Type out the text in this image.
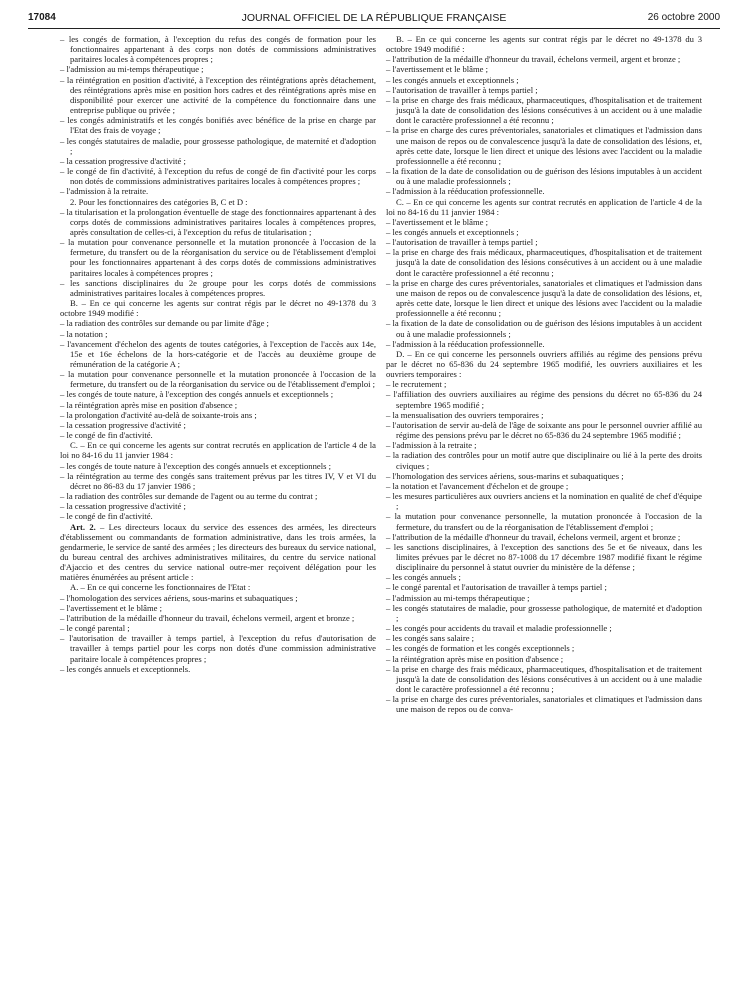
17084	JOURNAL OFFICIEL DE LA RÉPUBLIQUE FRANÇAISE	26 octobre 2000

– les congés de formation, à l'exception du refus des congés de formation pour les fonctionnaires appartenant à des corps non dotés de commissions administratives paritaires locales à compétences propres ;

– l'admission au mi-temps thérapeutique ;

– la réintégration en position d'activité, à l'exception des réintégrations après détachement, des réintégrations après mise en position hors cadres et des réintégrations après mise en disponibilité pour exercer une activité de la compétence du fonctionnaire dans une entreprise publique ou privée ;

– les congés administratifs et les congés bonifiés avec bénéfice de la prise en charge par l'Etat des frais de voyage ;

– les congés statutaires de maladie, pour grossesse pathologique, de maternité et d'adoption ;

– la cessation progressive d'activité ;

– le congé de fin d'activité, à l'exception du refus de congé de fin d'activité pour les corps non dotés de commissions administratives paritaires locales à compétences propres ;

– l'admission à la retraite.

2. Pour les fonctionnaires des catégories B, C et D :

– la titularisation et la prolongation éventuelle de stage des fonctionnaires appartenant à des corps dotés de commissions administratives paritaires locales à compétences propres, après consultation de celles-ci, à l'exception du refus de titularisation ;

– la mutation pour convenance personnelle et la mutation prononcée à l'occasion de la fermeture, du transfert ou de la réorganisation du service ou de l'établissement d'emploi pour les fonctionnaires appartenant à des corps dotés de commissions administratives paritaires locales à compétences propres ;

– les sanctions disciplinaires du 2e groupe pour les corps dotés de commissions administratives paritaires locales à compétences propres.

B. – En ce qui concerne les agents sur contrat régis par le décret no 49-1378 du 3 octobre 1949 modifié :

– la radiation des contrôles sur demande ou par limite d'âge ;

– la notation ;

– l'avancement d'échelon des agents de toutes catégories, à l'exception de l'accès aux 14e, 15e et 16e échelons de la hors-catégorie et de l'accès au deuxième groupe de rémunération de la catégorie A ;

– la mutation pour convenance personnelle et la mutation prononcée à l'occasion de la fermeture, du transfert ou de la réorganisation du service ou de l'établissement d'emploi ;

– les congés de toute nature, à l'exception des congés annuels et exceptionnels ;

– la réintégration après mise en position d'absence ;

– la prolongation d'activité au-delà de soixante-trois ans ;

– la cessation progressive d'activité ;

– le congé de fin d'activité.

C. – En ce qui concerne les agents sur contrat recrutés en application de l'article 4 de la loi no 84-16 du 11 janvier 1984 :

– les congés de toute nature à l'exception des congés annuels et exceptionnels ;

– la réintégration au terme des congés sans traitement prévus par les titres IV, V et VI du décret no 86-83 du 17 janvier 1986 ;

– la radiation des contrôles sur demande de l'agent ou au terme du contrat ;

– la cessation progressive d'activité ;

– le congé de fin d'activité.

Art. 2. – Les directeurs locaux du service des essences des armées, les directeurs d'établissement ou commandants de formation administrative, dans les trois armées, la gendarmerie, le service de santé des armées ; les directeurs des bureaux du service national, du bureau central des archives administratives militaires, du centre du service national d'Ajaccio et des centres du service national outre-mer reçoivent délégation pour les matières énumérées au présent article :

A. – En ce qui concerne les fonctionnaires de l'Etat :

– l'homologation des services aériens, sous-marins et subaquatiques ;

– l'avertissement et le blâme ;

– l'attribution de la médaille d'honneur du travail, échelons vermeil, argent et bronze ;

– le congé parental ;

– l'autorisation de travailler à temps partiel, à l'exception du refus d'autorisation de travailler à temps partiel pour les corps non dotés d'une commission administrative paritaire locale à compétences propres ;

– les congés annuels et exceptionnels.

B. – En ce qui concerne les agents sur contrat régis par le décret no 49-1378 du 3 octobre 1949 modifié :

– l'attribution de la médaille d'honneur du travail, échelons vermeil, argent et bronze ;

– l'avertissement et le blâme ;

– les congés annuels et exceptionnels ;

– l'autorisation de travailler à temps partiel ;

– la prise en charge des frais médicaux, pharmaceutiques, d'hospitalisation et de traitement jusqu'à la date de consolidation des lésions consécutives à un accident ou à une maladie dont le caractère professionnel a été reconnu ;

– la prise en charge des cures préventoriales, sanatoriales et climatiques et l'admission dans une maison de repos ou de convalescence jusqu'à la date de consolidation des lésions, et, après cette date, lorsque le lien direct et unique des lésions avec l'accident ou la maladie professionnelle a été reconnu ;

– la fixation de la date de consolidation ou de guérison des lésions imputables à un accident ou à une maladie professionnels ;

– l'admission à la rééducation professionnelle.

C. – En ce qui concerne les agents sur contrat recrutés en application de l'article 4 de la loi no 84-16 du 11 janvier 1984 :

– l'avertissement et le blâme ;

– les congés annuels et exceptionnels ;

– l'autorisation de travailler à temps partiel ;

– la prise en charge des frais médicaux, pharmaceutiques, d'hospitalisation et de traitement jusqu'à la date de consolidation des lésions consécutives à un accident ou à une maladie dont le caractère professionnel a été reconnu ;

– la prise en charge des cures préventoriales, sanatoriales et climatiques et l'admission dans une maison de repos ou de convalescence jusqu'à la date de consolidation des lésions, et, après cette date, lorsque le lien direct et unique des lésions avec l'accident ou la maladie professionnelle a été reconnu ;

– la fixation de la date de consolidation ou de guérison des lésions imputables à un accident ou à une maladie professionnels ;

– l'admission à la rééducation professionnelle.

D. – En ce qui concerne les personnels ouvriers affiliés au régime des pensions prévu par le décret no 65-836 du 24 septembre 1965 modifié, les ouvriers auxiliaires et les ouvriers temporaires :

– le recrutement ;

– l'affiliation des ouvriers auxiliaires au régime des pensions du décret no 65-836 du 24 septembre 1965 modifié ;

– la mensualisation des ouvriers temporaires ;

– l'autorisation de servir au-delà de l'âge de soixante ans pour le personnel ouvrier affilié au régime des pensions prévu par le décret no 65-836 du 24 septembre 1965 modifié ;

– l'admission à la retraite ;

– la radiation des contrôles pour un motif autre que disciplinaire ou lié à la perte des droits civiques ;

– l'homologation des services aériens, sous-marins et subaquatiques ;

– la notation et l'avancement d'échelon et de groupe ;

– les mesures particulières aux ouvriers anciens et la nomination en qualité de chef d'équipe ;

– la mutation pour convenance personnelle, la mutation prononcée à l'occasion de la fermeture, du transfert ou de la réorganisation de l'établissement d'emploi ;

– l'attribution de la médaille d'honneur du travail, échelons vermeil, argent et bronze ;

– les sanctions disciplinaires, à l'exception des sanctions des 5e et 6e niveaux, dans les limites prévues par le décret no 87-1008 du 17 décembre 1987 modifié fixant le régime disciplinaire du personnel à statut ouvrier du ministère de la défense ;

– les congés annuels ;

– le congé parental et l'autorisation de travailler à temps partiel ;

– l'admission au mi-temps thérapeutique ;

– les congés statutaires de maladie, pour grossesse pathologique, de maternité et d'adoption ;

– les congés pour accidents du travail et maladie professionnelle ;

– les congés sans salaire ;

– les congés de formation et les congés exceptionnels ;

– la réintégration après mise en position d'absence ;

– la prise en charge des frais médicaux, pharmaceutiques, d'hospitalisation et de traitement jusqu'à la date de consolidation des lésions consécutives à un accident ou à une maladie dont le caractère professionnel a été reconnu ;

– la prise en charge des cures préventoriales, sanatoriales et climatiques et l'admission dans une maison de repos ou de conva-
